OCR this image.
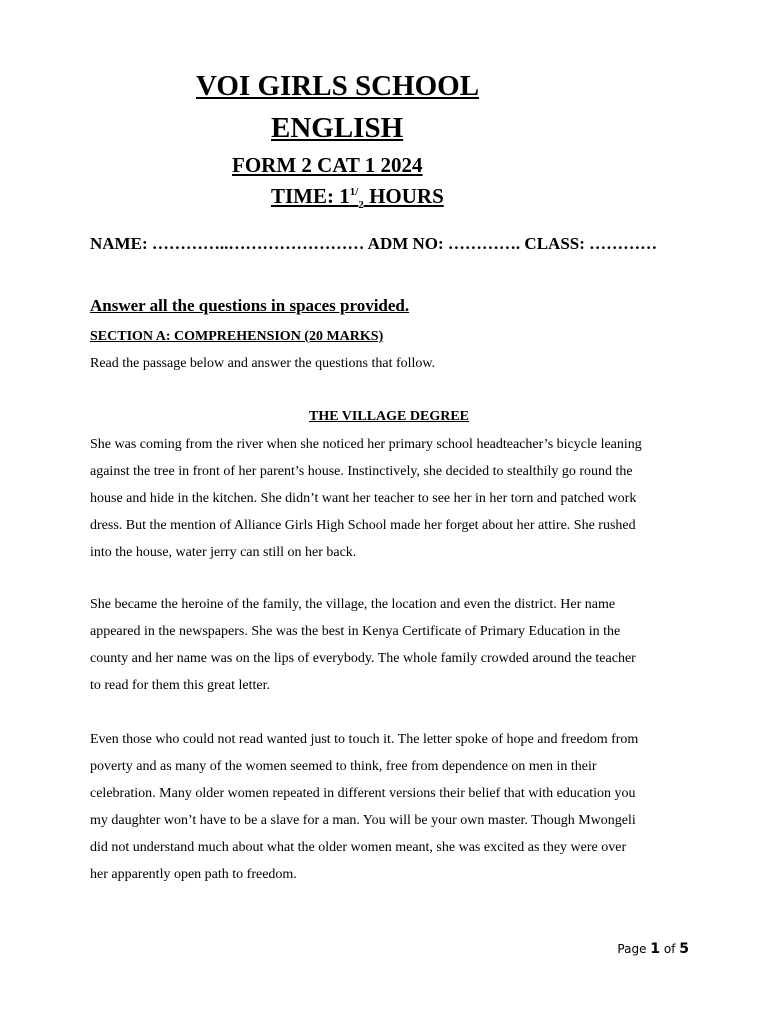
VOI GIRLS SCHOOL
ENGLISH
FORM 2 CAT 1 2024
TIME: $1^{1/}_2$ HOURS
NAME: …………..…………………… ADM NO: …………. CLASS: …………
Answer all the questions in spaces provided.
SECTION A: COMPREHENSION (20 MARKS)
Read the passage below and answer the questions that follow.
THE VILLAGE DEGREE
She was coming from the river when she noticed her primary school headteacher’s bicycle leaning
against the tree in front of her parent’s house. Instinctively, she decided to stealthily go round the
house and hide in the kitchen. She didn’t want her teacher to see her in her torn and patched work
dress. But the mention of Alliance Girls High School made her forget about her attire. She rushed
into the house, water jerry can still on her back.
She became the heroine of the family, the village, the location and even the district. Her name
appeared in the newspapers. She was the best in Kenya Certificate of Primary Education in the
county and her name was on the lips of everybody. The whole family crowded around the teacher
to read for them this great letter.
Even those who could not read wanted just to touch it. The letter spoke of hope and freedom from
poverty and as many of the women seemed to think, free from dependence on men in their
celebration. Many older women repeated in different versions their belief that with education you
my daughter won’t have to be a slave for a man. You will be your own master. Though Mwongeli
did not understand much about what the older women meant, she was excited as they were over
her apparently open path to freedom.
Page 1 of 5
